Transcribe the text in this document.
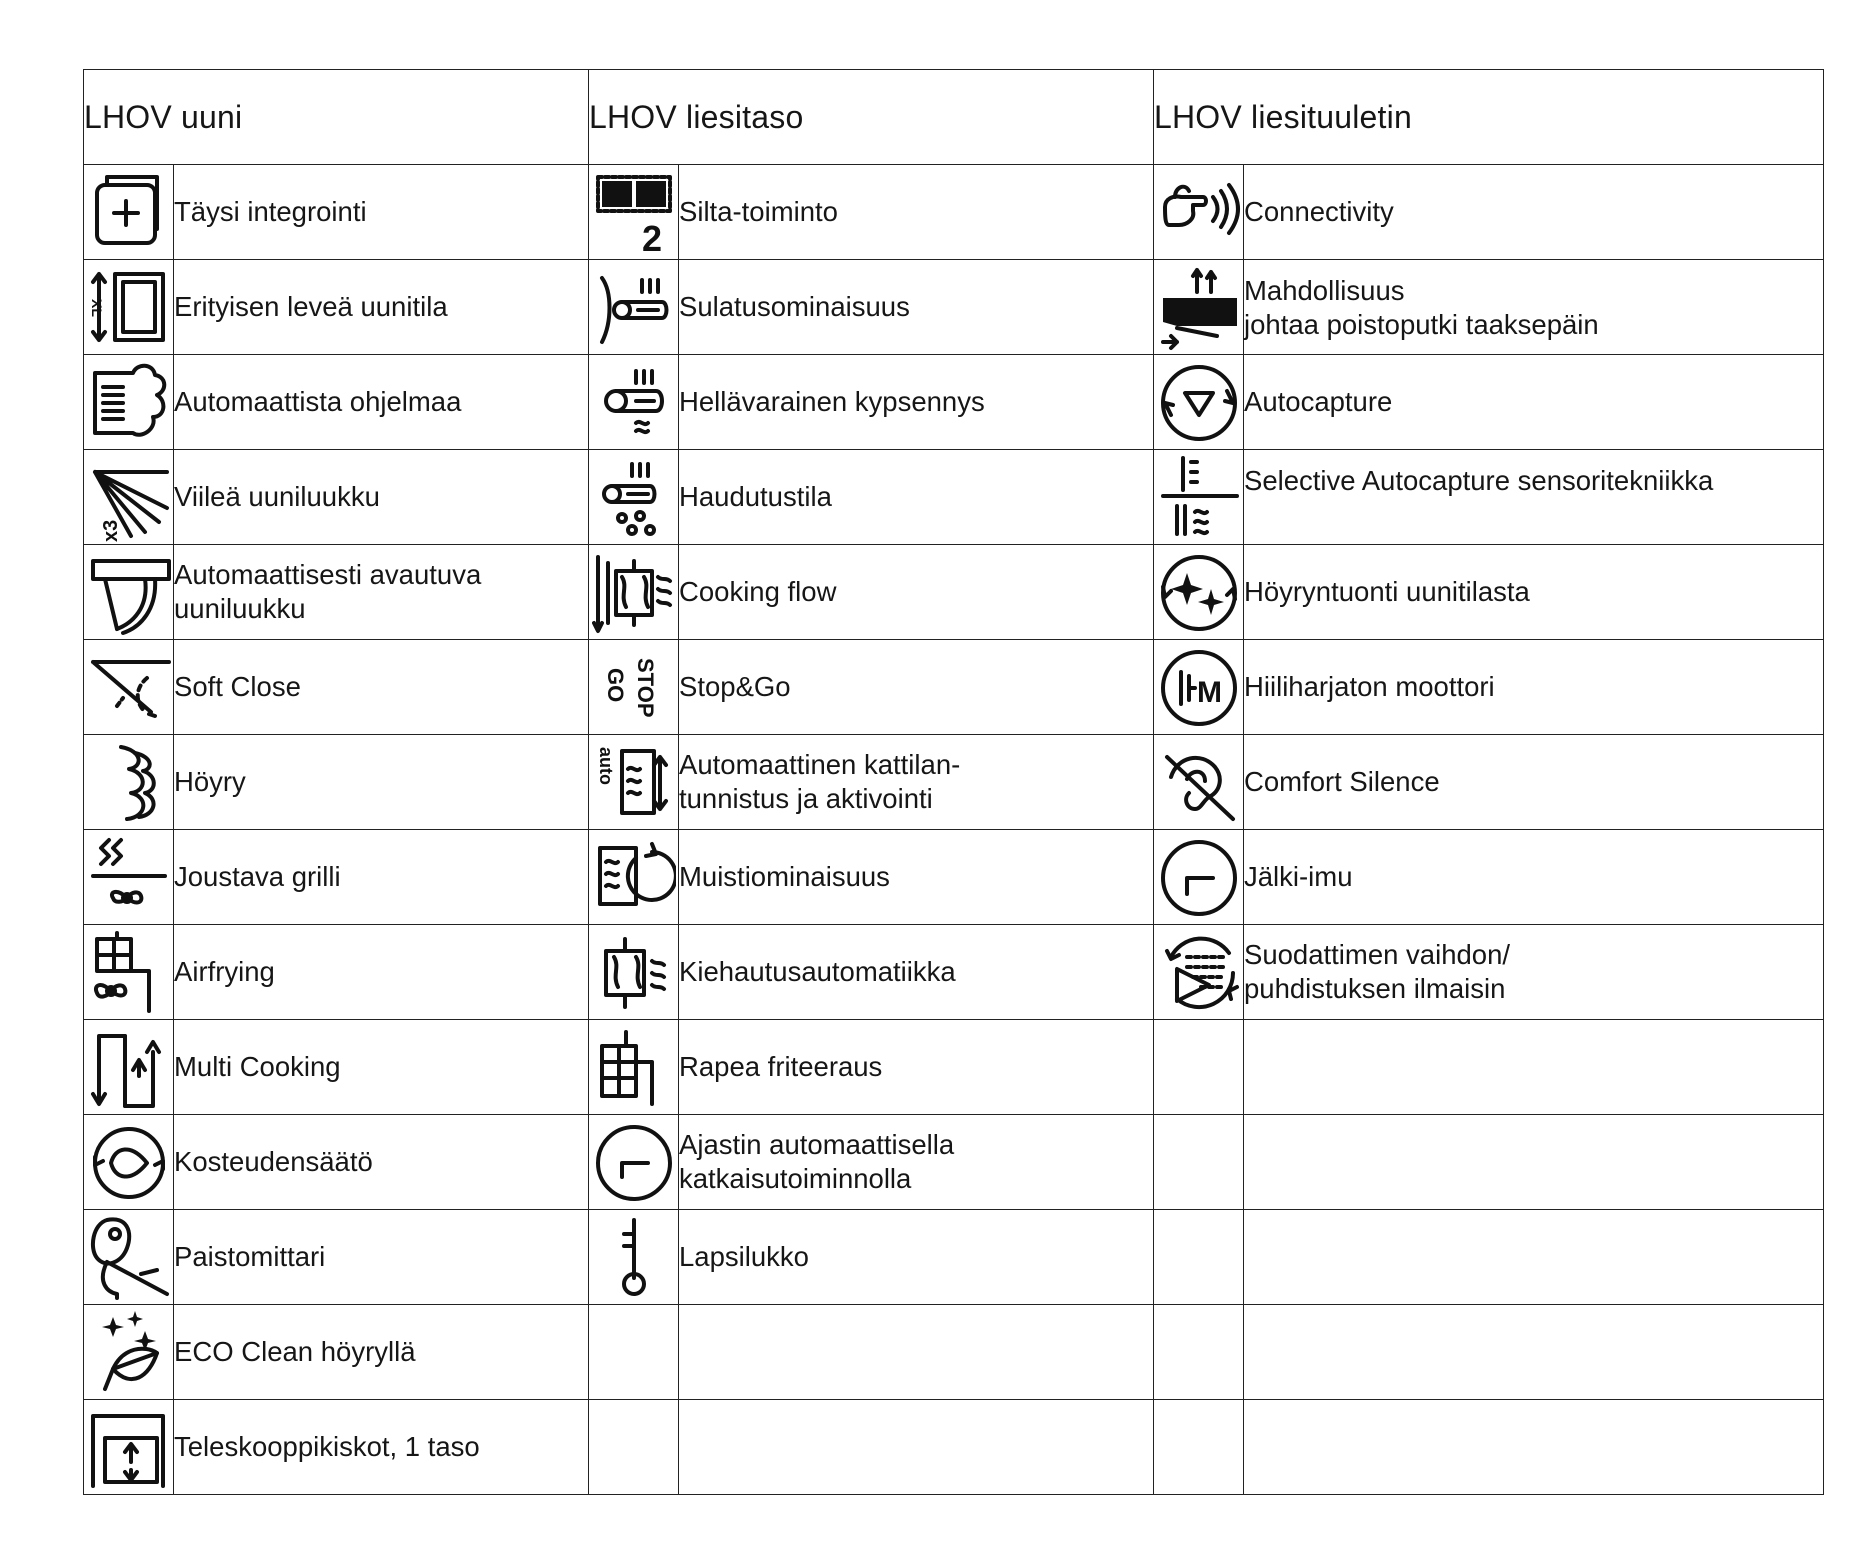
LHOV uuni		LHOV liesitaso		LHOV liesituuletin	

Täysi integrointi	2	Silta-toiminto		Connectivity

XL	Erityisen leveä uunitila		Sulatusominaisuus		Mahdollisuus
johtaa poistoputki taaksepäin

Automaattista ohjelmaa		Hellävarainen kypsennys		Autocapture

x3	Viileä uuniluukku		Haudutustila		Selective Autocapture sensoritekniikka

Automaattisesti avautuva
uuniluukku		Cooking flow		Höyryntuonti uunitilasta

Soft Close	STOP
GO	Stop&Go	M	Hiiliharjaton moottori

Höyry	auto	Automaattinen kattilan-
tunnistus ja aktivointi		Comfort Silence

Joustava grilli		Muistiominaisuus		Jälki-imu

Airfrying		Kiehautusautomatiikka		Suodattimen vaihdon/
puhdistuksen ilmaisin

Multi Cooking		Rapea friteeraus		

Kosteudensäätö		Ajastin automaattisella
katkaisutoiminnolla		

Paistomittari		Lapsilukko		

ECO Clean höyryllä				

Teleskooppikiskot, 1 taso				
